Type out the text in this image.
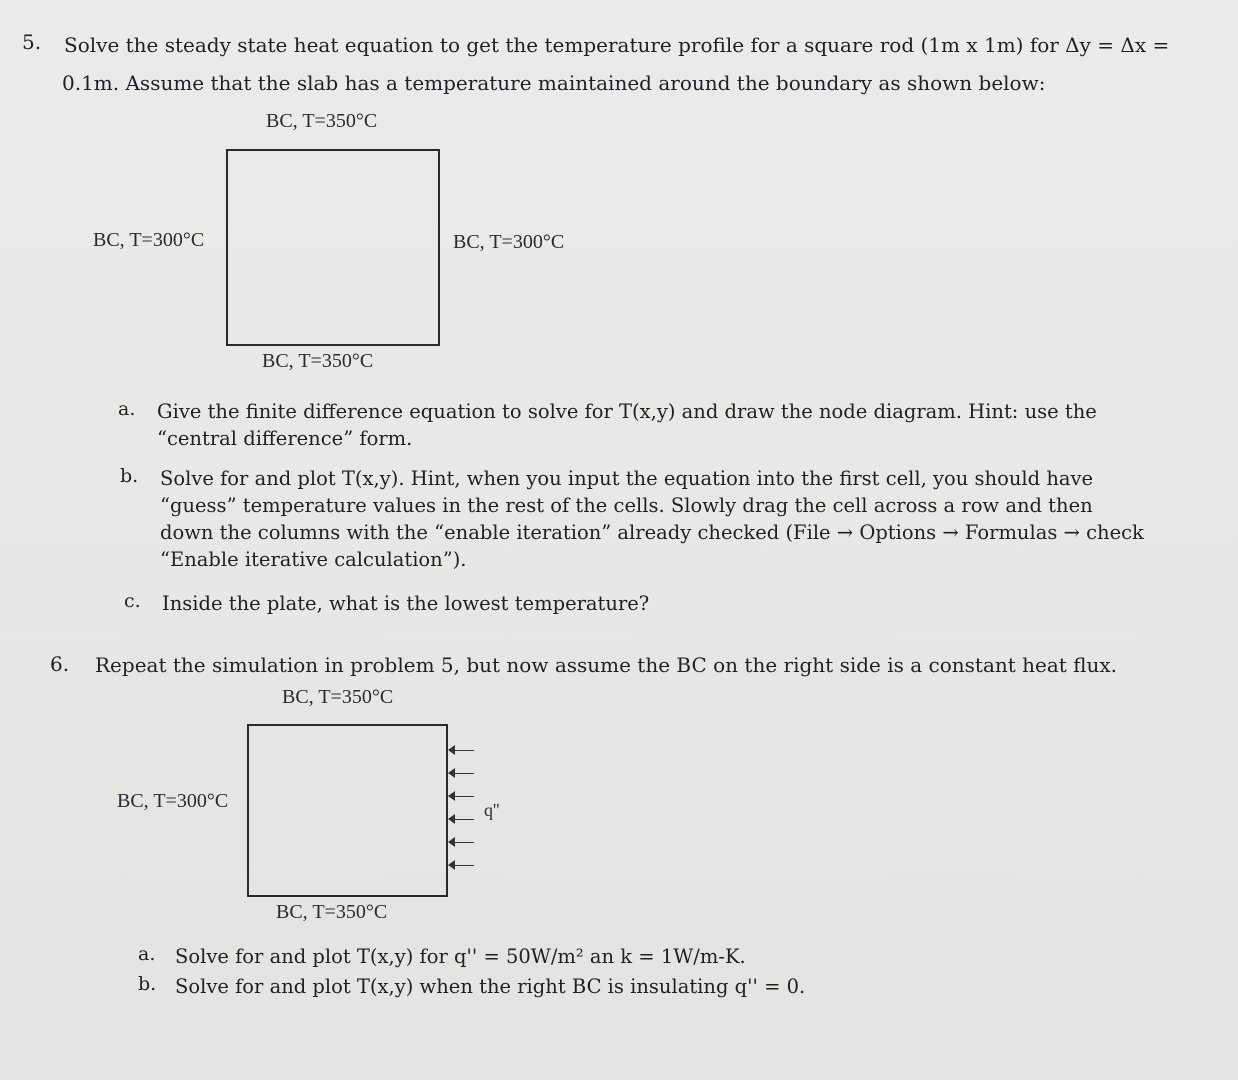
5. Solve the steady state heat equation to get the temperature profile for a square rod (1m x 1m) for Δy = Δx =
0.1m. Assume that the slab has a temperature maintained around the boundary as shown below:
BC, T=350°C
BC, T=300°C	BC, T=300°C
BC, T=350°C
a. Give the finite difference equation to solve for T(x,y) and draw the node diagram. Hint: use the “central difference” form.
b. Solve for and plot T(x,y). Hint, when you input the equation into the first cell, you should have “guess” temperature values in the rest of the cells. Slowly drag the cell across a row and then down the columns with the “enable iteration” already checked (File → Options → Formulas → check “Enable iterative calculation”).
c. Inside the plate, what is the lowest temperature?
6. Repeat the simulation in problem 5, but now assume the BC on the right side is a constant heat flux.
BC, T=350°C
BC, T=300°C	q''
BC, T=350°C
a. Solve for and plot T(x,y) for q'' = 50W/m² an k = 1W/m-K.
b. Solve for and plot T(x,y) when the right BC is insulating q'' = 0.
